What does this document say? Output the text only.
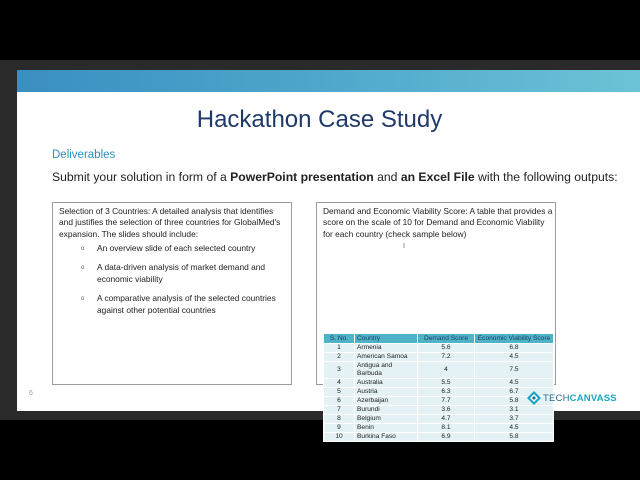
Hackathon Case Study
Deliverables
Submit your solution in form of a PowerPoint presentation and an Excel File with the following outputs:
Selection of 3 Countries: A detailed analysis that identifies and justifies the selection of three countries for GlobalMed's expansion. The slides should include:
o An overview slide of each selected country
o A data-driven analysis of market demand and economic viability
o A comparative analysis of the selected countries against other potential countries
Demand and Economic Viability Score: A table that provides a score on the scale of 10 for Demand and Economic Viability for each country (check sample below)
I
S. No.	Country	Demand Score	Economic Viability Score
1	Armenia	5.6	6.8
2	American Samoa	7.2	4.5
3	Antigua and Barbuda	4	7.5
4	Australia	5.5	4.5
5	Austria	6.3	6.7
6	Azerbaijan	7.7	5.8
7	Burundi	3.6	3.1
8	Belgium	4.7	3.7
9	Benin	8.1	4.5
10	Burkina Faso	6.9	5.8
6	TECHCANVASS
